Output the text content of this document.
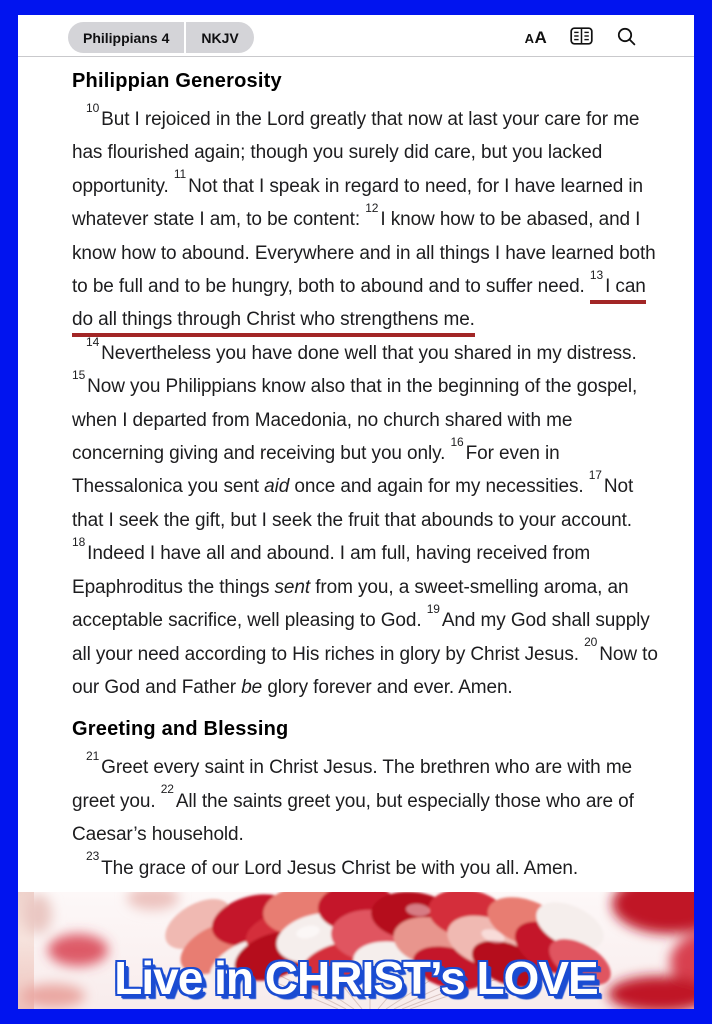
Philippians 4	NKJV	AA
Philippian Generosity

$^{10}$But I rejoiced in the Lord greatly that now at last your care for me has flourished again; though you surely did care, but you lacked opportunity. $^{11}$Not that I speak in regard to need, for I have learned in whatever state I am, to be content: $^{12}$I know how to be abased, and I know how to abound. Everywhere and in all things I have learned both to be full and to be hungry, both to abound and to suffer need. $^{13}$I can do all things through Christ who strengthens me.

$^{14}$Nevertheless you have done well that you shared in my distress. $^{15}$Now you Philippians know also that in the beginning of the gospel, when I departed from Macedonia, no church shared with me concerning giving and receiving but you only. $^{16}$For even in Thessalonica you sent aid once and again for my necessities. $^{17}$Not that I seek the gift, but I seek the fruit that abounds to your account. $^{18}$Indeed I have all and abound. I am full, having received from Epaphroditus the things sent from you, a sweet-smelling aroma, an acceptable sacrifice, well pleasing to God. $^{19}$And my God shall supply all your need according to His riches in glory by Christ Jesus. $^{20}$Now to our God and Father be glory forever and ever. Amen.

Greeting and Blessing

$^{21}$Greet every saint in Christ Jesus. The brethren who are with me greet you. $^{22}$All the saints greet you, but especially those who are of Caesar’s household.

$^{23}$The grace of our Lord Jesus Christ be with you all. Amen.

Live in CHRIST’s LOVE
